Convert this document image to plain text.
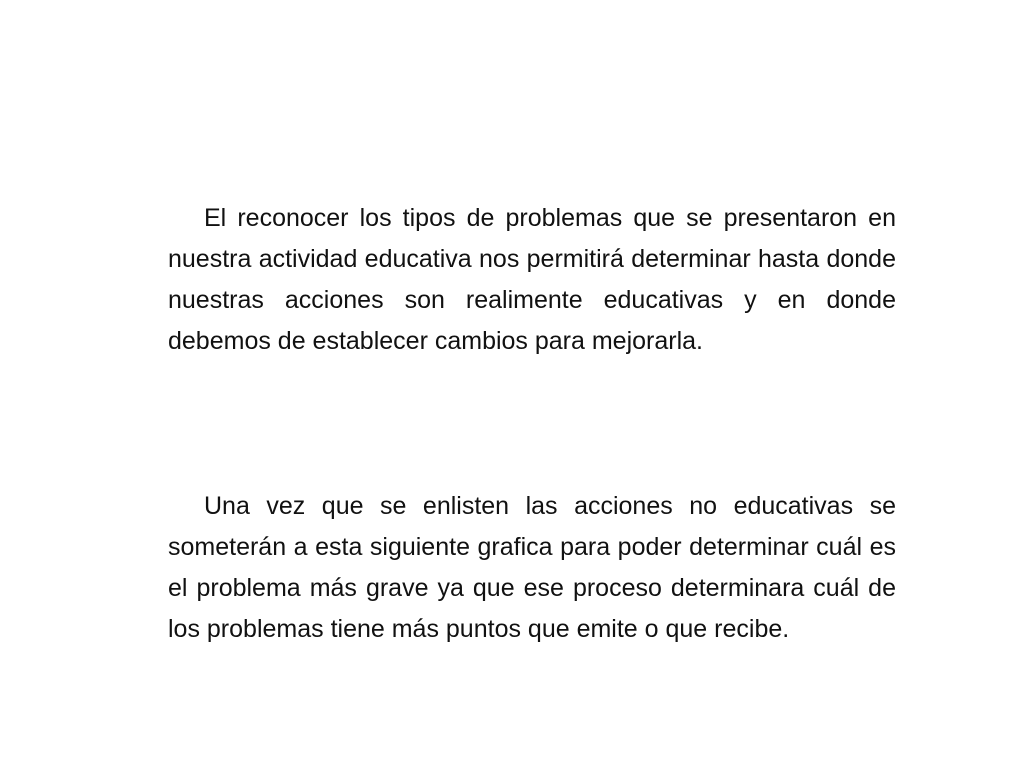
El reconocer los tipos de problemas que se presentaron en nuestra actividad educativa nos permitirá determinar hasta donde nuestras acciones son realimente educativas y en donde debemos de establecer cambios para mejorarla.

Una vez que se enlisten las acciones no educativas se someterán a esta siguiente grafica para poder determinar cuál es el problema más grave ya que ese proceso determinara cuál de los problemas tiene más puntos que emite o que recibe.
